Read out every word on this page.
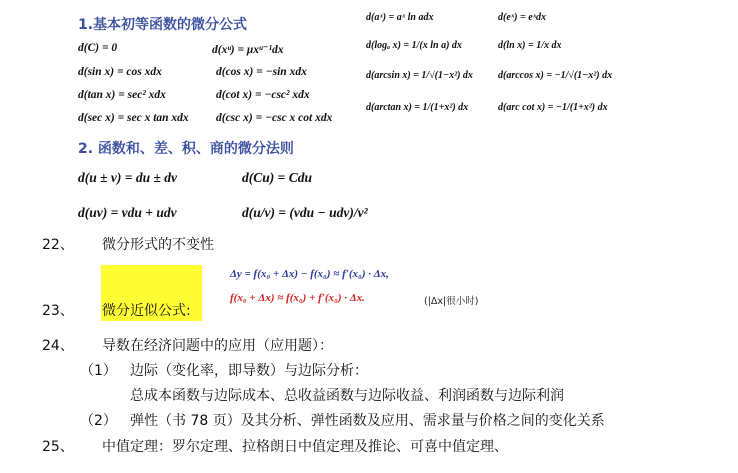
1.基本初等函数的微分公式
d(C) = 0	d(xᵘ) = μxᵘ⁻¹dx
d(sin x) = cos xdx	d(cos x) = −sin xdx
d(tan x) = sec² xdx	d(cot x) = −csc² xdx
d(sec x) = sec x tan xdx d(csc x) = −csc x cot xdx
d(aˣ) = aˣ ln adx	d(eˣ) = eˣdx
d(logₐ x) = 1/(x ln a) dx	d(ln x) = 1/x dx
d(arcsin x) = 1/√(1−x²) dx	d(arccos x) = −1/√(1−x²) dx
d(arctan x) = 1/(1+x²) dx	d(arc cot x) = −1/(1+x²) dx
2. 函数和、差、积、商的微分法则
d(u ± v) = du ± dv	d(Cu) = Cdu
d(uv) = vdu + udv	d(u/v) = (vdu − udv)/v²
22、 微分形式的不变性
23、 微分近似公式:
Δy = f(x₀ + Δx) − f(x₀) ≈ f′(x₀) · Δx,
f(x₀ + Δx) ≈ f(x₀) + f′(x₀) · Δx.	(|Δx|很小时)
24、 导数在经济问题中的应用（应用题）：
（1） 边际（变化率，即导数）与边际分析：
总成本函数与边际成本、总收益函数与边际收益、利润函数与边际利润
（2） 弹性（书 78 页）及其分析、弹性函数及应用、需求量与价格之间的变化关系
25、 中值定理：罗尔定理、拉格朗日中值定理及推论、可喜中值定理、
